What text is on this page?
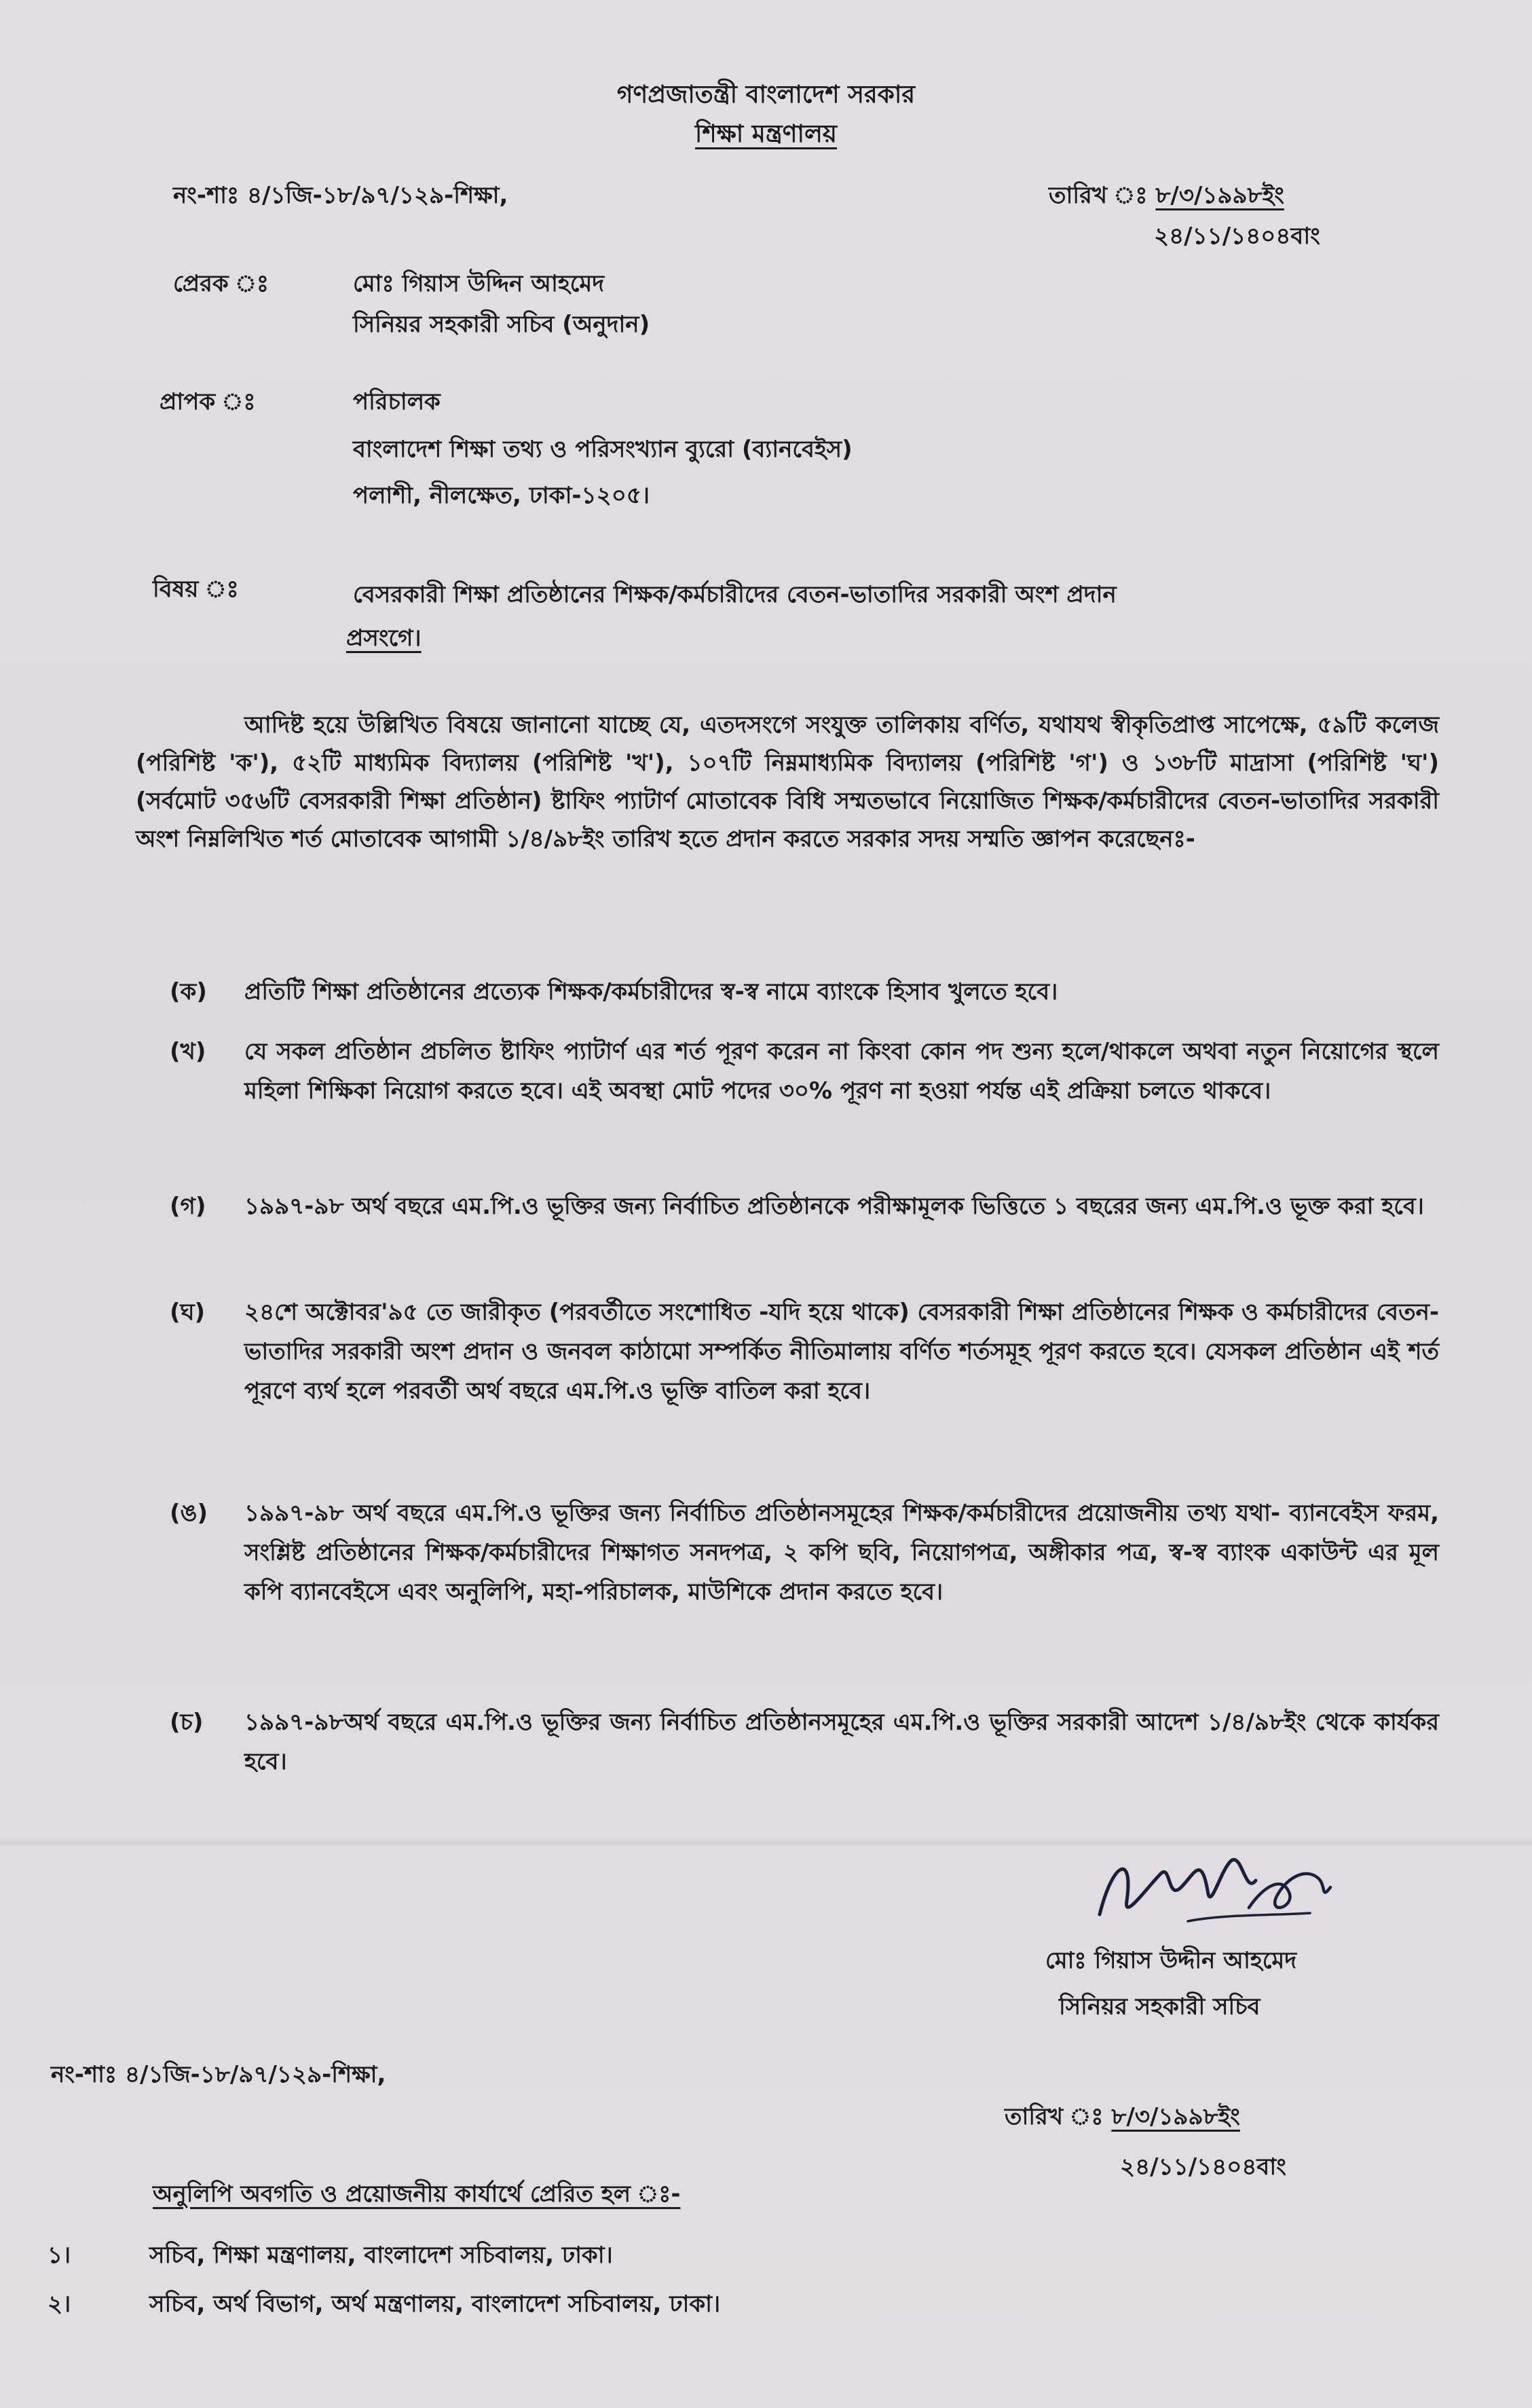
গণপ্রজাতন্ত্রী বাংলাদেশ সরকার
শিক্ষা মন্ত্রণালয়
নং-শাঃ ৪/১জি-১৮/৯৭/১২৯-শিক্ষা,	তারিখ ঃ ৮/৩/১৯৯৮ইং
২৪/১১/১৪০৪বাং
প্রেরক ঃ	মোঃ গিয়াস উদ্দিন আহমেদ
সিনিয়র সহকারী সচিব (অনুদান)
প্রাপক ঃ	পরিচালক
বাংলাদেশ শিক্ষা তথ্য ও পরিসংখ্যান ব্যুরো (ব্যানবেইস)
পলাশী, নীলক্ষেত, ঢাকা-১২০৫।
বিষয় ঃ	বেসরকারী শিক্ষা প্রতিষ্ঠানের শিক্ষক/কর্মচারীদের বেতন-ভাতাদির সরকারী অংশ প্রদান
প্রসংগে।
আদিষ্ট হয়ে উল্লিখিত বিষয়ে জানানো যাচ্ছে যে, এতদসংগে সংযুক্ত তালিকায় বর্ণিত, যথাযথ স্বীকৃতিপ্রাপ্ত সাপেক্ষে, ৫৯টি কলেজ (পরিশিষ্ট 'ক'), ৫২টি মাধ্যমিক বিদ্যালয় (পরিশিষ্ট 'খ'), ১০৭টি নিম্নমাধ্যমিক বিদ্যালয় (পরিশিষ্ট 'গ') ও ১৩৮টি মাদ্রাসা (পরিশিষ্ট 'ঘ') (সর্বমোট ৩৫৬টি বেসরকারী শিক্ষা প্রতিষ্ঠান) ষ্টাফিং প্যাটার্ণ মোতাবেক বিধি সম্মতভাবে নিয়োজিত শিক্ষক/কর্মচারীদের বেতন-ভাতাদির সরকারী অংশ নিম্নলিখিত শর্ত মোতাবেক আগামী ১/৪/৯৮ইং তারিখ হতে প্রদান করতে সরকার সদয় সম্মতি জ্ঞাপন করেছেনঃ-
(ক) প্রতিটি শিক্ষা প্রতিষ্ঠানের প্রত্যেক শিক্ষক/কর্মচারীদের স্ব-স্ব নামে ব্যাংকে হিসাব খুলতে হবে।
(খ) যে সকল প্রতিষ্ঠান প্রচলিত ষ্টাফিং প্যাটার্ণ এর শর্ত পূরণ করেন না কিংবা কোন পদ শুন্য হলে/থাকলে অথবা নতুন নিয়োগের স্থলে মহিলা শিক্ষিকা নিয়োগ করতে হবে। এই অবস্থা মোট পদের ৩০% পূরণ না হওয়া পর্যন্ত এই প্রক্রিয়া চলতে থাকবে।
(গ) ১৯৯৭-৯৮ অর্থ বছরে এম.পি.ও ভূক্তির জন্য নির্বাচিত প্রতিষ্ঠানকে পরীক্ষামূলক ভিত্তিতে ১ বছরের জন্য এম.পি.ও ভূক্ত করা হবে।
(ঘ) ২৪শে অক্টোবর'৯৫ তে জারীকৃত (পরবর্তীতে সংশোধিত -যদি হয়ে থাকে) বেসরকারী শিক্ষা প্রতিষ্ঠানের শিক্ষক ও কর্মচারীদের বেতন-ভাতাদির সরকারী অংশ প্রদান ও জনবল কাঠামো সম্পর্কিত নীতিমালায় বর্ণিত শর্তসমূহ পূরণ করতে হবে। যেসকল প্রতিষ্ঠান এই শর্ত পূরণে ব্যর্থ হলে পরবর্তী অর্থ বছরে এম.পি.ও ভূক্তি বাতিল করা হবে।
(ঙ) ১৯৯৭-৯৮ অর্থ বছরে এম.পি.ও ভূক্তির জন্য নির্বাচিত প্রতিষ্ঠানসমূহের শিক্ষক/কর্মচারীদের প্রয়োজনীয় তথ্য যথা- ব্যানবেইস ফরম, সংশ্লিষ্ট প্রতিষ্ঠানের শিক্ষক/কর্মচারীদের শিক্ষাগত সনদপত্র, ২ কপি ছবি, নিয়োগপত্র, অঙ্গীকার পত্র, স্ব-স্ব ব্যাংক একাউন্ট এর মূল কপি ব্যানবেইসে এবং অনুলিপি, মহা-পরিচালক, মাউশিকে প্রদান করতে হবে।
(চ) ১৯৯৭-৯৮অর্থ বছরে এম.পি.ও ভূক্তির জন্য নির্বাচিত প্রতিষ্ঠানসমূহের এম.পি.ও ভূক্তির সরকারী আদেশ ১/৪/৯৮ইং থেকে কার্যকর হবে।
মোঃ গিয়াস উদ্দীন আহমেদ
সিনিয়র সহকারী সচিব
নং-শাঃ ৪/১জি-১৮/৯৭/১২৯-শিক্ষা,
তারিখ ঃ ৮/৩/১৯৯৮ইং
২৪/১১/১৪০৪বাং
অনুলিপি অবগতি ও প্রয়োজনীয় কার্যার্থে প্রেরিত হল ঃ-
১।	সচিব, শিক্ষা মন্ত্রণালয়, বাংলাদেশ সচিবালয়, ঢাকা।
২।	সচিব, অর্থ বিভাগ, অর্থ মন্ত্রণালয়, বাংলাদেশ সচিবালয়, ঢাকা।
